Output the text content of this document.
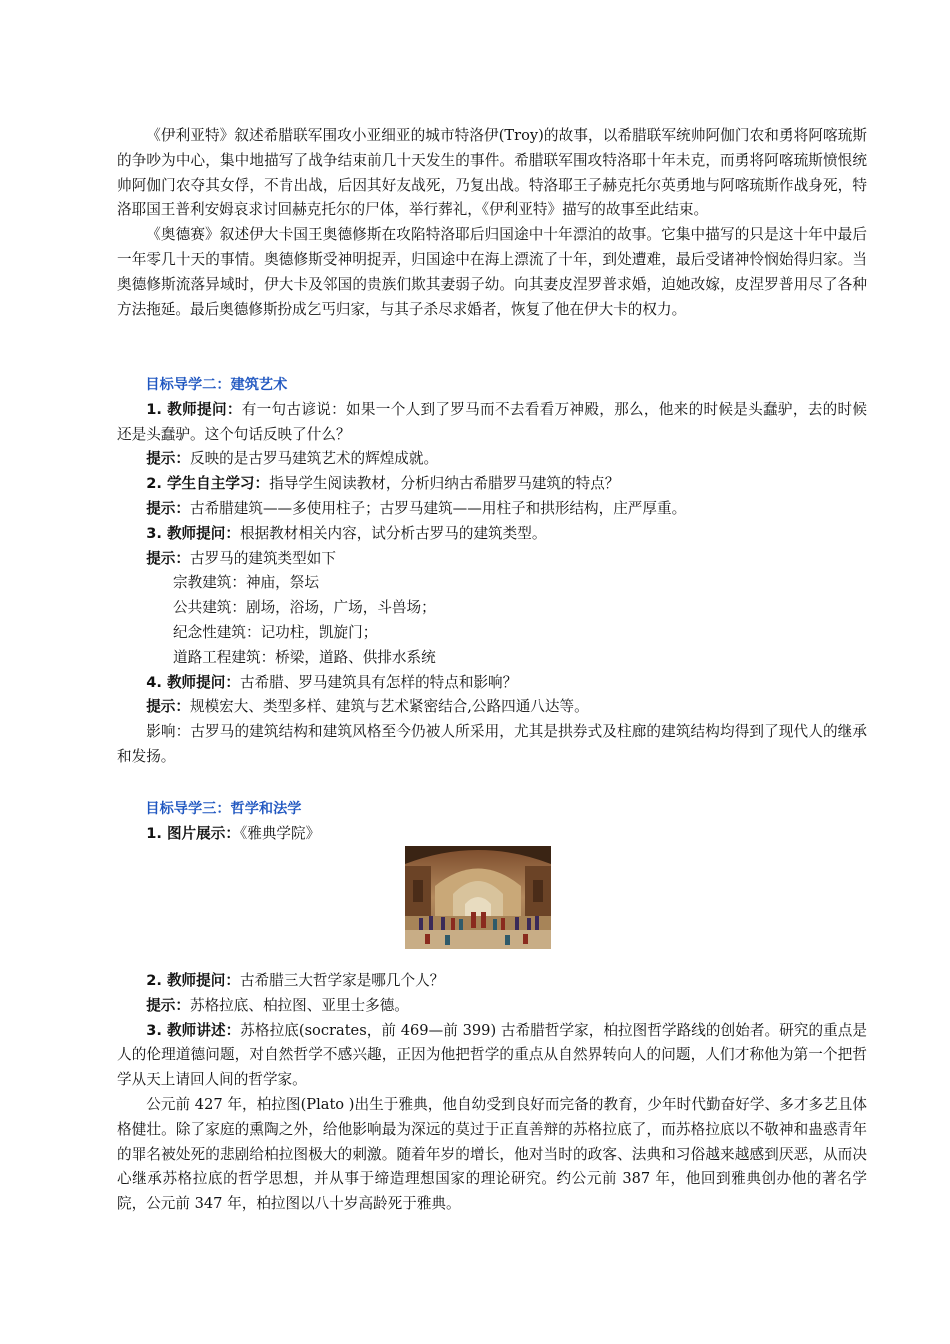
《伊利亚特》叙述希腊联军围攻小亚细亚的城市特洛伊(Troy)的故事，以希腊联军统帅阿伽门农和勇将阿喀琉斯的争吵为中心，集中地描写了战争结束前几十天发生的事件。希腊联军围攻特洛耶十年未克，而勇将阿喀琉斯愤恨统帅阿伽门农夺其女俘，不肯出战，后因其好友战死，乃复出战。特洛耶王子赫克托尔英勇地与阿喀琉斯作战身死，特洛耶国王普利安姆哀求讨回赫克托尔的尸体，举行葬礼，《伊利亚特》描写的故事至此结束。

《奥德赛》叙述伊大卡国王奥德修斯在攻陷特洛耶后归国途中十年漂泊的故事。它集中描写的只是这十年中最后一年零几十天的事情。奥德修斯受神明捉弄，归国途中在海上漂流了十年，到处遭难，最后受诸神怜悯始得归家。当奥德修斯流落异域时，伊大卡及邻国的贵族们欺其妻弱子幼。向其妻皮涅罗普求婚，迫她改嫁，皮涅罗普用尽了各种方法拖延。最后奥德修斯扮成乞丐归家，与其子杀尽求婚者，恢复了他在伊大卡的权力。

目标导学二：建筑艺术

1. 教师提问：有一句古谚说：如果一个人到了罗马而不去看看万神殿，那么，他来的时候是头蠢驴，去的时候还是头蠢驴。这个句话反映了什么？

提示：反映的是古罗马建筑艺术的辉煌成就。

2. 学生自主学习：指导学生阅读教材，分析归纳古希腊罗马建筑的特点？

提示：古希腊建筑——多使用柱子；古罗马建筑——用柱子和拱形结构，庄严厚重。

3. 教师提问：根据教材相关内容，试分析古罗马的建筑类型。

提示：古罗马的建筑类型如下

宗教建筑：神庙，祭坛

公共建筑：剧场，浴场，广场，斗兽场；

纪念性建筑：记功柱，凯旋门；

道路工程建筑：桥梁，道路、供排水系统

4. 教师提问：古希腊、罗马建筑具有怎样的特点和影响？

提示：规模宏大、类型多样、建筑与艺术紧密结合,公路四通八达等。

影响：古罗马的建筑结构和建筑风格至今仍被人所采用，尤其是拱券式及柱廊的建筑结构均得到了现代人的继承和发扬。

目标导学三：哲学和法学

1. 图片展示：《雅典学院》

2. 教师提问：古希腊三大哲学家是哪几个人？

提示：苏格拉底、柏拉图、亚里士多德。

3. 教师讲述：苏格拉底(socrates，前 469—前 399) 古希腊哲学家，柏拉图哲学路线的创始者。研究的重点是人的伦理道德问题，对自然哲学不感兴趣，正因为他把哲学的重点从自然界转向人的问题，人们才称他为第一个把哲学从天上请回人间的哲学家。

公元前 427 年，柏拉图(Plato )出生于雅典，他自幼受到良好而完备的教育，少年时代勤奋好学、多才多艺且体格健壮。除了家庭的熏陶之外，给他影响最为深远的莫过于正直善辩的苏格拉底了，而苏格拉底以不敬神和蛊惑青年的罪名被处死的悲剧给柏拉图极大的刺激。随着年岁的增长，他对当时的政客、法典和习俗越来越感到厌恶，从而决心继承苏格拉底的哲学思想，并从事于缔造理想国家的理论研究。约公元前 387 年，他回到雅典创办他的著名学院，公元前 347 年，柏拉图以八十岁高龄死于雅典。
